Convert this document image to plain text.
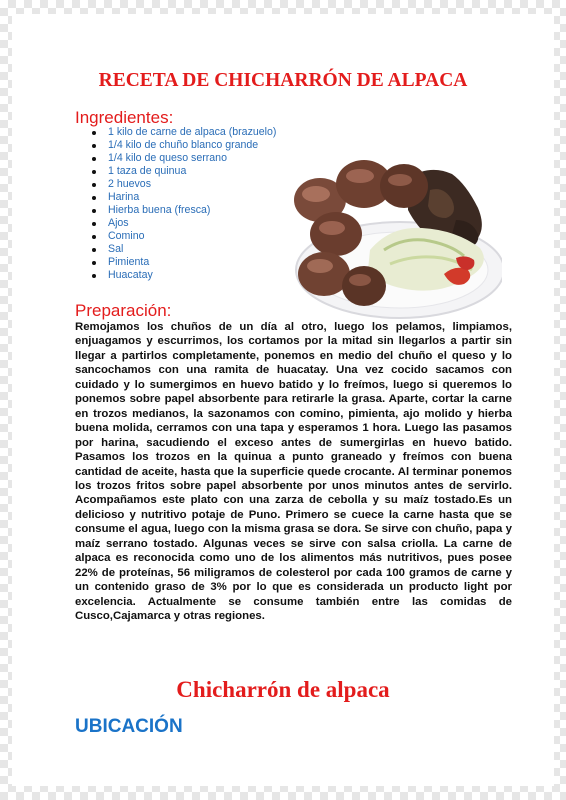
RECETA DE CHICHARRÓN DE ALPACA
Ingredientes:
1 kilo de carne de alpaca (brazuelo)
1/4 kilo de chuño blanco grande
1/4 kilo de queso serrano
1 taza de quinua
2 huevos
Harina
Hierba buena (fresca)
Ajos
Comino
Sal
Pimienta
Huacatay
Preparación:

Remojamos los chuños de un día al otro, luego los pelamos, limpiamos, enjuagamos y escurrimos, los cortamos por la mitad sin llegarlos a partir sin llegar a partirlos completamente, ponemos en medio del chuño el queso y lo sancochamos con una ramita de huacatay. Una vez cocido sacamos con cuidado y lo sumergimos en huevo batido y lo freímos, luego si queremos lo ponemos sobre papel absorbente para retirarle la grasa. Aparte, cortar la carne en trozos medianos, la sazonamos con comino, pimienta, ajo molido y hierba buena molida, cerramos con una tapa y esperamos 1 hora. Luego las pasamos por harina, sacudiendo el exceso antes de sumergirlas en huevo batido. Pasamos los trozos en la quinua a punto graneado y freímos con buena cantidad de aceite, hasta que la superficie quede crocante. Al terminar ponemos los trozos fritos sobre papel absorbente por unos minutos antes de servirlo. Acompañamos este plato con una zarza de cebolla y su maíz tostado.Es un delicioso y nutritivo potaje de Puno. Primero se cuece la carne hasta que se consume el agua, luego con la misma grasa se dora. Se sirve con chuño, papa y maíz serrano tostado. Algunas veces se sirve con salsa criolla. La carne de alpaca es reconocida como uno de los alimentos más nutritivos, pues posee 22% de proteínas, 56 miligramos de colesterol por cada 100 gramos de carne y un contenido graso de 3% por lo que es considerada un producto light por excelencia. Actualmente se consume también entre las comidas de Cusco,Cajamarca y otras regiones.

Chicharrón de alpaca
UBICACIÓN
